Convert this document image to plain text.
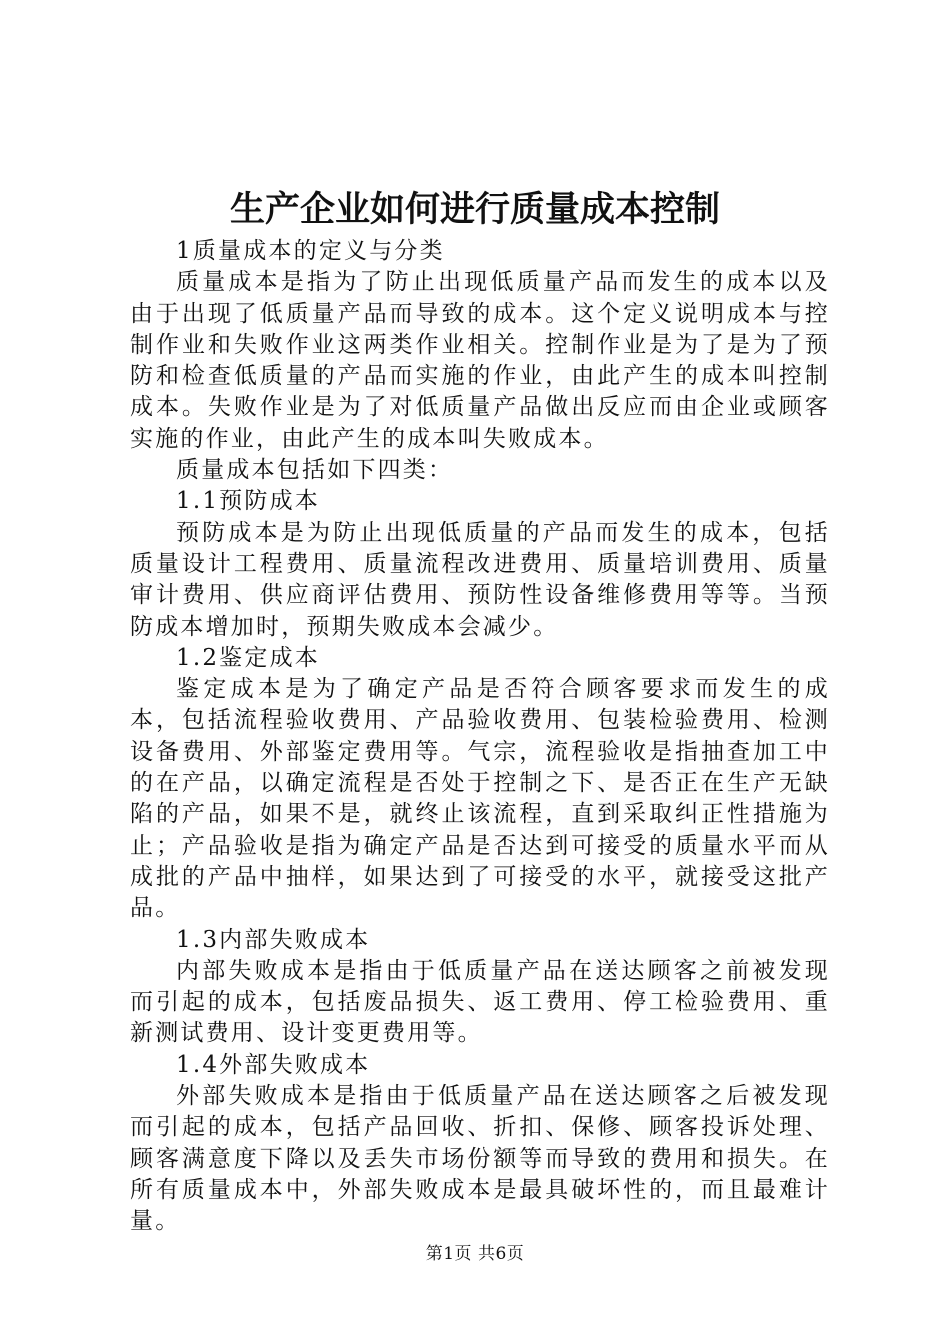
生产企业如何进行质量成本控制
1质量成本的定义与分类

质量成本是指为了防止出现低质量产品而发生的成本以及由于出现了低质量产品而导致的成本。这个定义说明成本与控制作业和失败作业这两类作业相关。控制作业是为了是为了预防和检查低质量的产品而实施的作业，由此产生的成本叫控制成本。失败作业是为了对低质量产品做出反应而由企业或顾客实施的作业，由此产生的成本叫失败成本。

质量成本包括如下四类：

1.1预防成本

预防成本是为防止出现低质量的产品而发生的成本，包括质量设计工程费用、质量流程改进费用、质量培训费用、质量审计费用、供应商评估费用、预防性设备维修费用等等。当预防成本增加时，预期失败成本会减少。

1.2鉴定成本

鉴定成本是为了确定产品是否符合顾客要求而发生的成本，包括流程验收费用、产品验收费用、包装检验费用、检测设备费用、外部鉴定费用等。气宗，流程验收是指抽查加工中的在产品，以确定流程是否处于控制之下、是否正在生产无缺陷的产品，如果不是，就终止该流程，直到采取纠正性措施为止；产品验收是指为确定产品是否达到可接受的质量水平而从成批的产品中抽样，如果达到了可接受的水平，就接受这批产品。

1.3内部失败成本

内部失败成本是指由于低质量产品在送达顾客之前被发现而引起的成本，包括废品损失、返工费用、停工检验费用、重新测试费用、设计变更费用等。

1.4外部失败成本

外部失败成本是指由于低质量产品在送达顾客之后被发现而引起的成本，包括产品回收、折扣、保修、顾客投诉处理、顾客满意度下降以及丢失市场份额等而导致的费用和损失。在所有质量成本中，外部失败成本是最具破坏性的，而且最难计量。

第1页 共6页
